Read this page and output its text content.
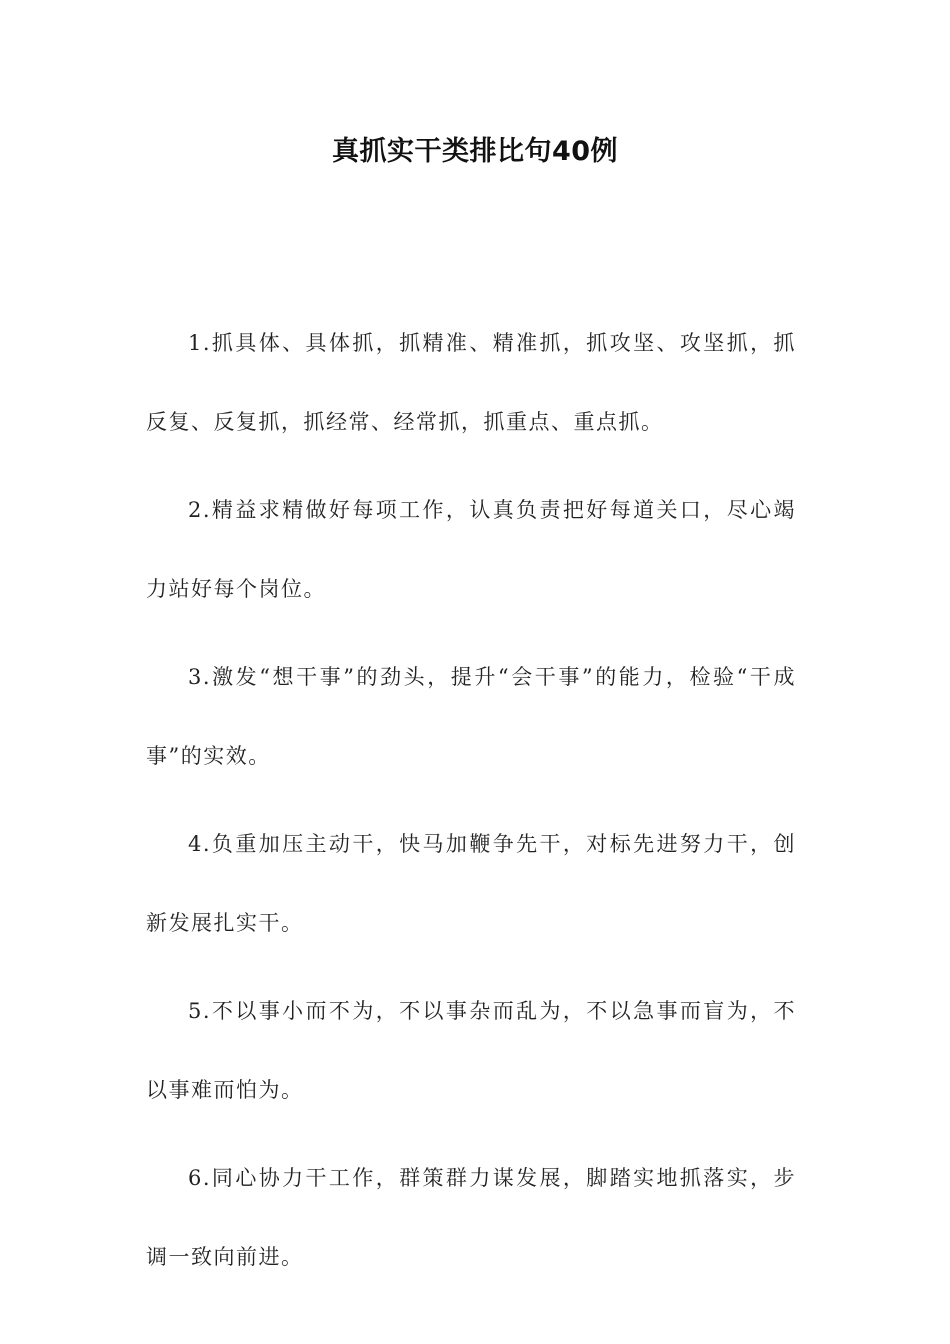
真抓实干类排比句40例

1.抓具体、具体抓，抓精准、精准抓，抓攻坚、攻坚抓，抓反复、反复抓，抓经常、经常抓，抓重点、重点抓。

2.精益求精做好每项工作，认真负责把好每道关口，尽心竭力站好每个岗位。

3.激发“想干事”的劲头，提升“会干事”的能力，检验“干成事”的实效。

4.负重加压主动干，快马加鞭争先干，对标先进努力干，创新发展扎实干。

5.不以事小而不为，不以事杂而乱为，不以急事而盲为，不以事难而怕为。

6.同心协力干工作，群策群力谋发展，脚踏实地抓落实，步调一致向前进。
